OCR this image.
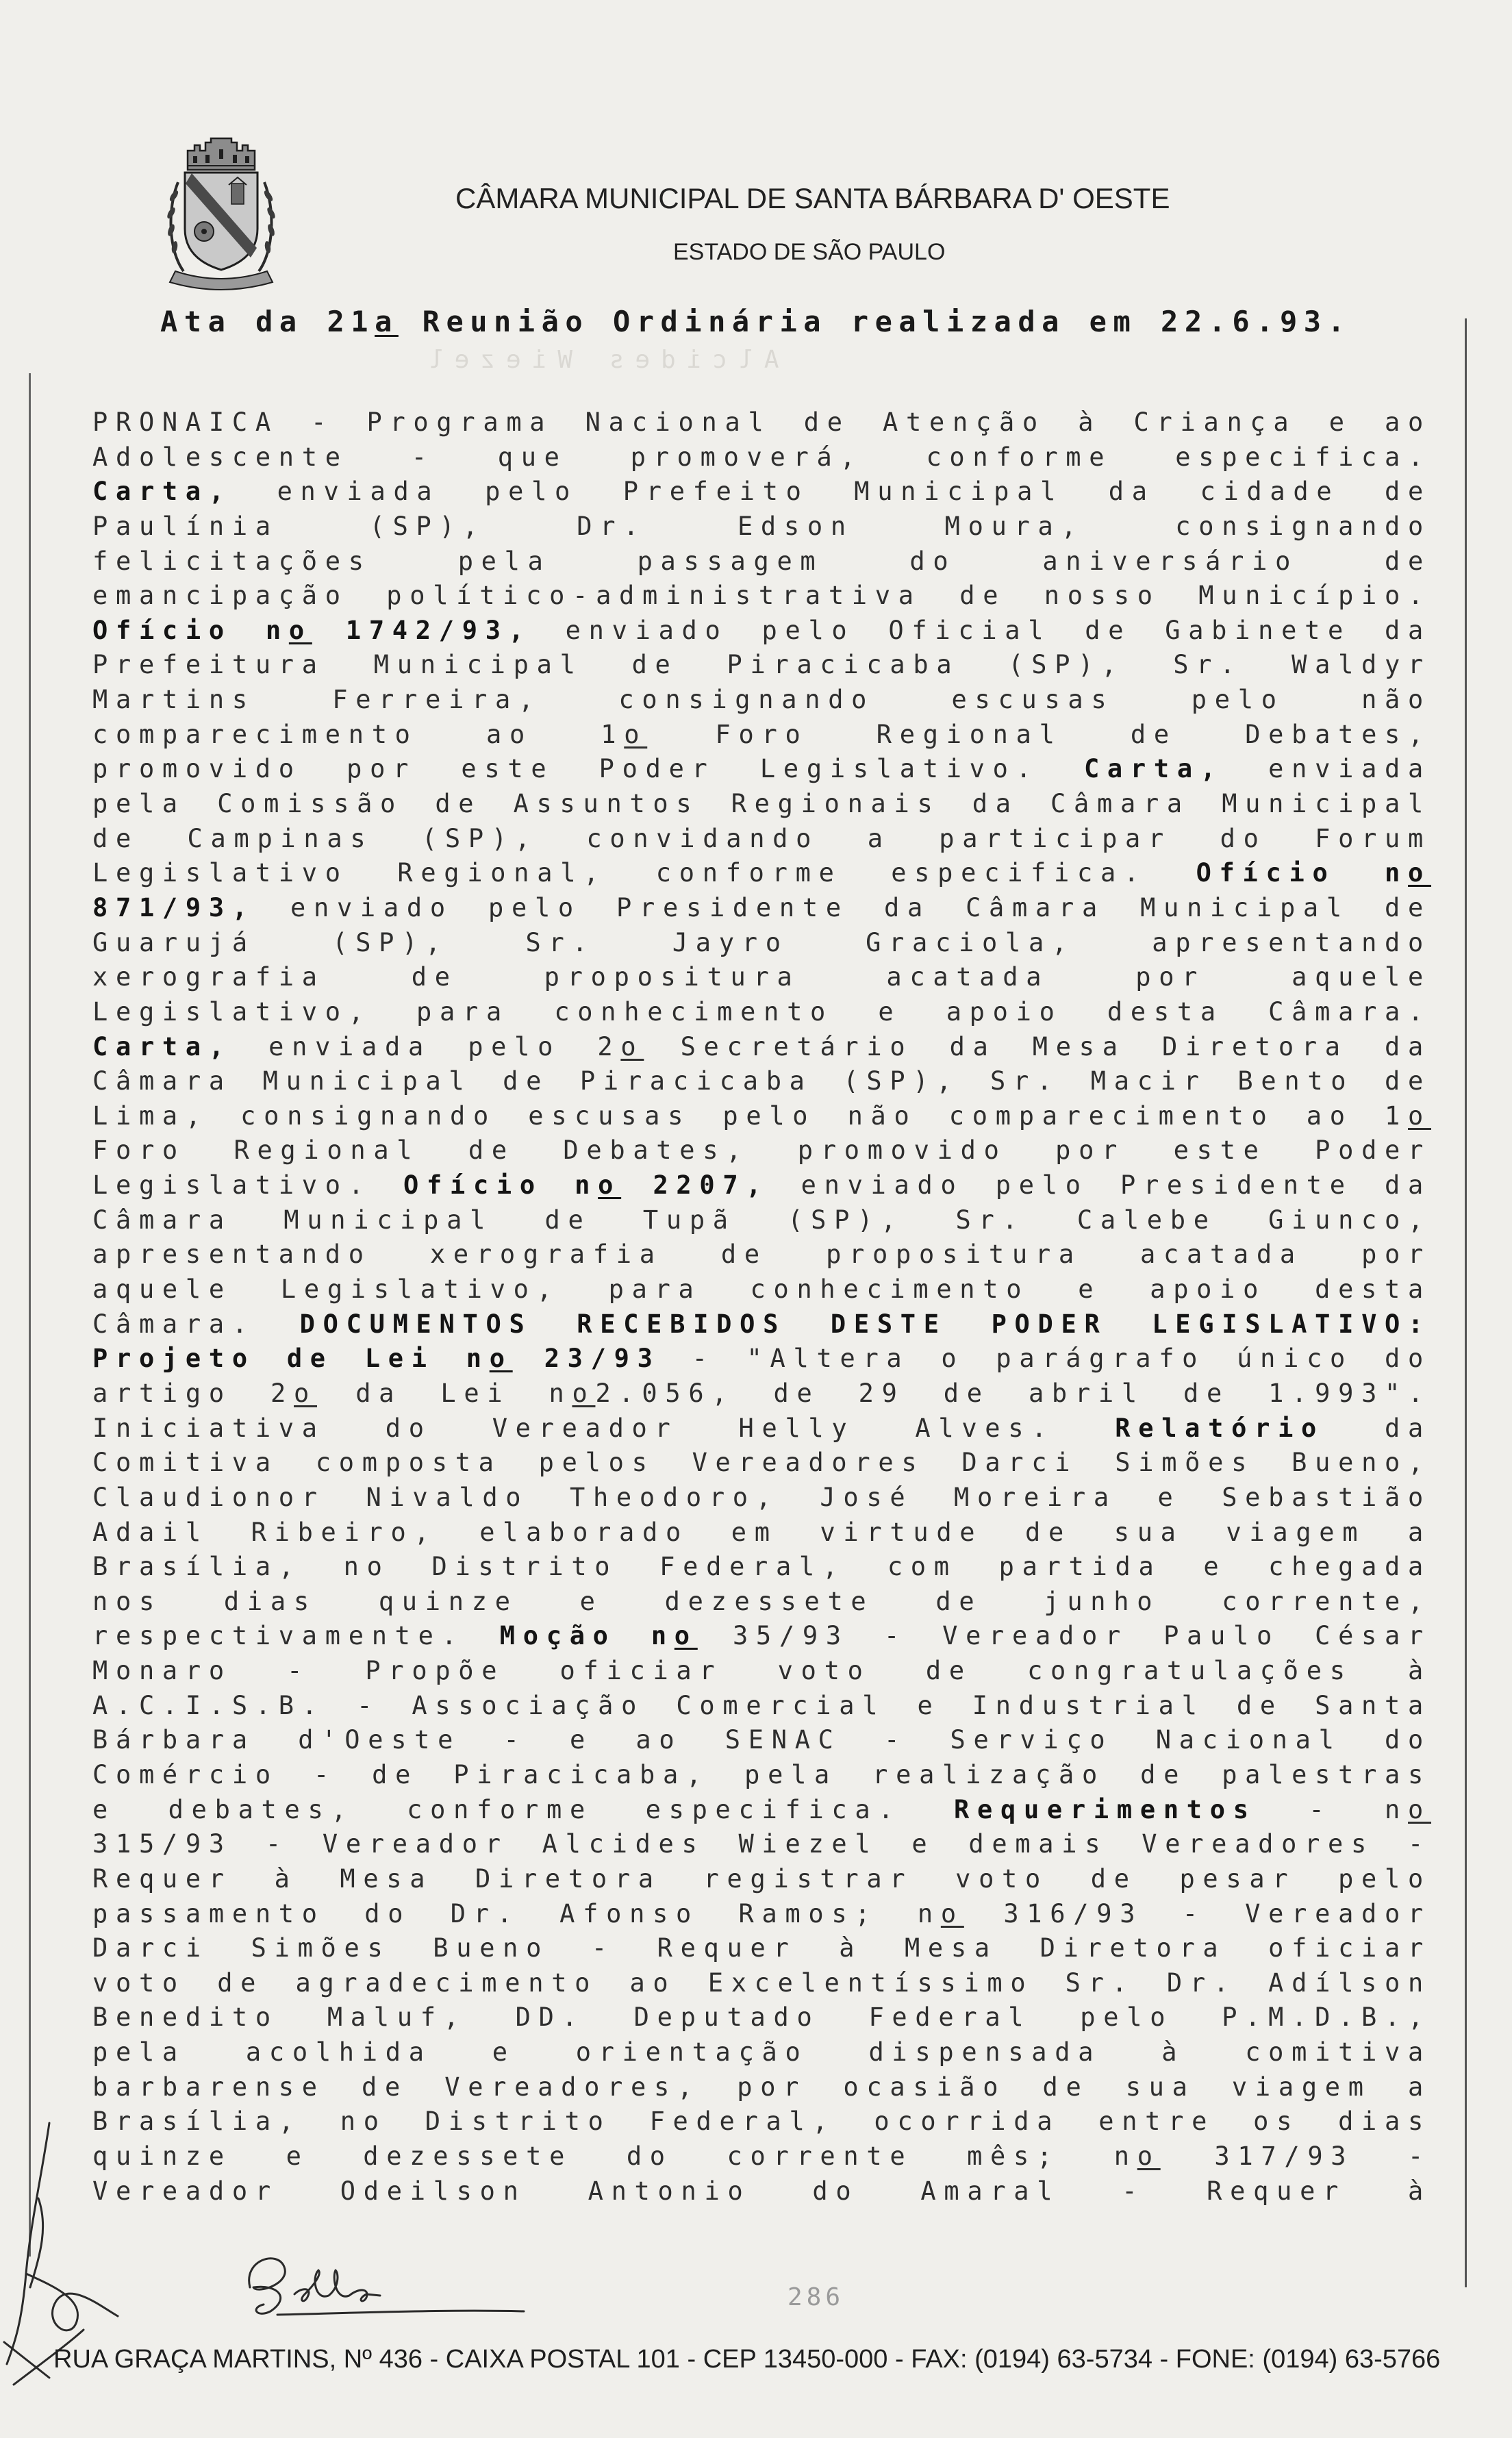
CÂMARA MUNICIPAL DE SANTA BÁRBARA D' OESTE
ESTADO DE SÃO PAULO
Alcides Wiezel
Ata da 21a Reunião Ordinária realizada em 22.6.93.
PRONAICA - Programa Nacional de Atenção à Criança e ao
Adolescente - que promoverá, conforme especifica.
Carta, enviada pelo Prefeito Municipal da cidade de
Paulínia (SP), Dr. Edson Moura, consignando
felicitações pela passagem do aniversário de
emancipação político-administrativa de nosso Município.
Ofício no 1742/93, enviado pelo Oficial de Gabinete da
Prefeitura Municipal de Piracicaba (SP), Sr. Waldyr
Martins Ferreira, consignando escusas pelo não
comparecimento ao 1o Foro Regional de Debates,
promovido por este Poder Legislativo. Carta, enviada
pela Comissão de Assuntos Regionais da Câmara Municipal
de Campinas (SP), convidando a participar do Forum
Legislativo Regional, conforme especifica. Ofício no
871/93, enviado pelo Presidente da Câmara Municipal de
Guarujá (SP), Sr. Jayro Graciola, apresentando
xerografia de propositura acatada por aquele
Legislativo, para conhecimento e apoio desta Câmara.
Carta, enviada pelo 2o Secretário da Mesa Diretora da
Câmara Municipal de Piracicaba (SP), Sr. Macir Bento de
Lima, consignando escusas pelo não comparecimento ao 1o
Foro Regional de Debates, promovido por este Poder
Legislativo. Ofício no 2207, enviado pelo Presidente da
Câmara Municipal de Tupã (SP), Sr. Calebe Giunco,
apresentando xerografia de propositura acatada por
aquele Legislativo, para conhecimento e apoio desta
Câmara. DOCUMENTOS RECEBIDOS DESTE PODER LEGISLATIVO:
Projeto de Lei no 23/93 - "Altera o parágrafo único do
artigo 2o da Lei no2.056, de 29 de abril de 1.993".
Iniciativa do Vereador Helly Alves. Relatório da
Comitiva composta pelos Vereadores Darci Simões Bueno,
Claudionor Nivaldo Theodoro, José Moreira e Sebastião
Adail Ribeiro, elaborado em virtude de sua viagem a
Brasília, no Distrito Federal, com partida e chegada
nos dias quinze e dezessete de junho corrente,
respectivamente. Moção no 35/93 - Vereador Paulo César
Monaro - Propõe oficiar voto de congratulações à
A.C.I.S.B. - Associação Comercial e Industrial de Santa
Bárbara d'Oeste - e ao SENAC - Serviço Nacional do
Comércio - de Piracicaba, pela realização de palestras
e debates, conforme especifica. Requerimentos - no
315/93 - Vereador Alcides Wiezel e demais Vereadores -
Requer à Mesa Diretora registrar voto de pesar pelo
passamento do Dr. Afonso Ramos; no 316/93 - Vereador
Darci Simões Bueno - Requer à Mesa Diretora oficiar
voto de agradecimento ao Excelentíssimo Sr. Dr. Adílson
Benedito Maluf, DD. Deputado Federal pelo P.M.D.B.,
pela acolhida e orientação dispensada à comitiva
barbarense de Vereadores, por ocasião de sua viagem a
Brasília, no Distrito Federal, ocorrida entre os dias
quinze e dezessete do corrente mês; no 317/93 -
Vereador Odeilson Antonio do Amaral - Requer à
286
RUA GRAÇA MARTINS, Nº 436 - CAIXA POSTAL 101 - CEP 13450-000 - FAX: (0194) 63-5734 - FONE: (0194) 63-5766
